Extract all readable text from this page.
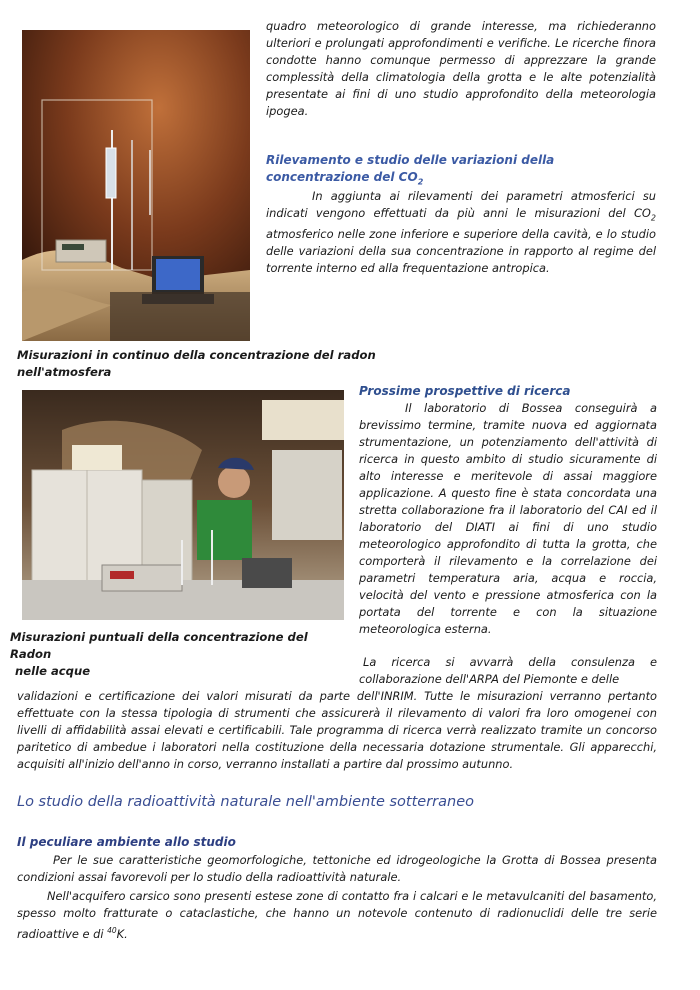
quadro meteorologico di grande interesse, ma richiederanno ulteriori e prolungati approfondimenti e verifiche. Le ricerche finora condotte hanno comunque permesso di apprezzare la grande complessità della climatologia della grotta e le alte potenzialità presentate ai fini di uno studio approfondito della meteorologia ipogea.

Rilevamento e studio delle variazioni della concentrazione del $CO_2$

In aggiunta ai rilevamenti dei parametri atmosferici su indicati vengono effettuati da più anni le misurazioni del $CO_2$ atmosferico nelle zone inferiore e superiore della cavità, e lo studio delle variazioni della sua concentrazione in rapporto al regime del torrente interno ed alla frequentazione antropica.

Misurazioni in continuo della concentrazione del radon nell'atmosfera

Misurazioni puntuali della concentrazione del Radon
nelle acque

Prossime prospettive di ricerca

Il laboratorio di Bossea conseguirà a brevissimo termine, tramite nuova ed aggiornata strumentazione, un potenziamento dell'attività di ricerca in questo ambito di studio sicuramente di alto interesse e meritevole di assai maggiore applicazione. A questo fine è stata concordata una stretta collaborazione fra il laboratorio del CAI ed il laboratorio del DIATI ai fini di uno studio meteorologico approfondito di tutta la grotta, che comporterà il rilevamento e la correlazione dei parametri temperatura aria, acqua e roccia, velocità del vento e pressione atmosferica con la portata del torrente e con la situazione meteorologica esterna.

La ricerca si avvarrà della consulenza e collaborazione dell'ARPA del Piemonte e delle

validazioni e certificazione dei valori misurati da parte dell'INRIM. Tutte le misurazioni verranno pertanto effettuate con la stessa tipologia di strumenti che assicurerà il rilevamento di valori fra loro omogenei con livelli di affidabilità assai elevati e certificabili. Tale programma di ricerca verrà realizzato tramite un concorso paritetico di ambedue i laboratori nella costituzione della necessaria dotazione strumentale. Gli apparecchi, acquisiti all'inizio dell'anno in corso, verranno installati a partire dal prossimo autunno.

Lo studio della radioattività naturale nell'ambiente sotterraneo

Il peculiare ambiente allo studio

Per le sue caratteristiche geomorfologiche, tettoniche ed idrogeologiche la Grotta di Bossea presenta condizioni assai favorevoli per lo studio della radioattività naturale.

Nell'acquifero carsico sono presenti estese zone di contatto fra i calcari e le metavulcaniti del basamento, spesso molto fratturate o cataclastiche, che hanno un notevole contenuto di radionuclidi delle tre serie radioattive e di $^{40}$K.
